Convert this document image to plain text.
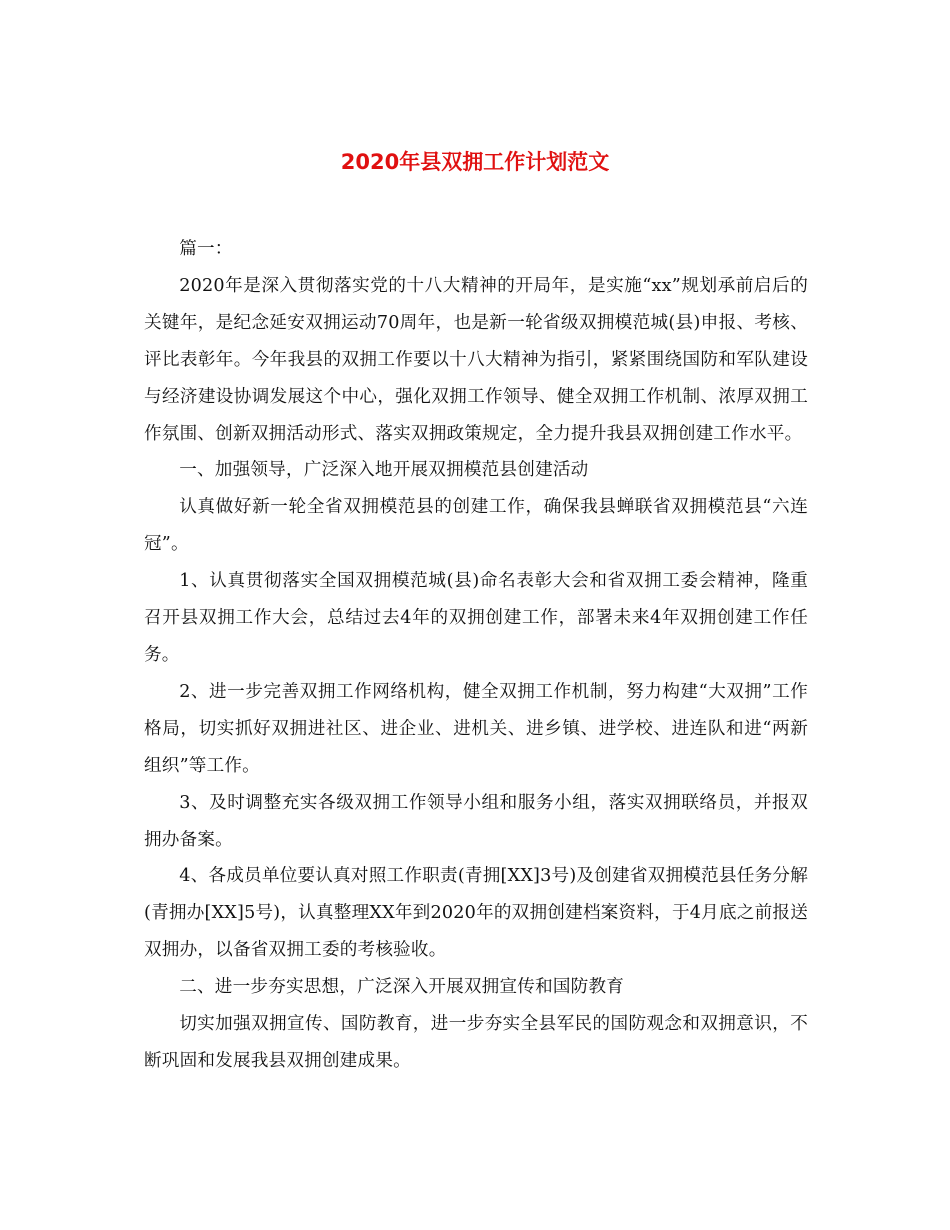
2020年县双拥工作计划范文

篇一：

2020年是深入贯彻落实党的十八大精神的开局年，是实施“xx”规划承前启后的关键年，是纪念延安双拥运动70周年，也是新一轮省级双拥模范城(县)申报、考核、评比表彰年。今年我县的双拥工作要以十八大精神为指引，紧紧围绕国防和军队建设与经济建设协调发展这个中心，强化双拥工作领导、健全双拥工作机制、浓厚双拥工作氛围、创新双拥活动形式、落实双拥政策规定，全力提升我县双拥创建工作水平。

一、加强领导，广泛深入地开展双拥模范县创建活动

认真做好新一轮全省双拥模范县的创建工作，确保我县蝉联省双拥模范县“六连冠”。

1、认真贯彻落实全国双拥模范城(县)命名表彰大会和省双拥工委会精神，隆重召开县双拥工作大会，总结过去4年的双拥创建工作，部署未来4年双拥创建工作任务。

2、进一步完善双拥工作网络机构，健全双拥工作机制，努力构建“大双拥”工作格局，切实抓好双拥进社区、进企业、进机关、进乡镇、进学校、进连队和进“两新组织”等工作。

3、及时调整充实各级双拥工作领导小组和服务小组，落实双拥联络员，并报双拥办备案。

4、各成员单位要认真对照工作职责(青拥[XX]3号)及创建省双拥模范县任务分解(青拥办[XX]5号)，认真整理XX年到2020年的双拥创建档案资料，于4月底之前报送双拥办，以备省双拥工委的考核验收。

二、进一步夯实思想，广泛深入开展双拥宣传和国防教育

切实加强双拥宣传、国防教育，进一步夯实全县军民的国防观念和双拥意识，不断巩固和发展我县双拥创建成果。
